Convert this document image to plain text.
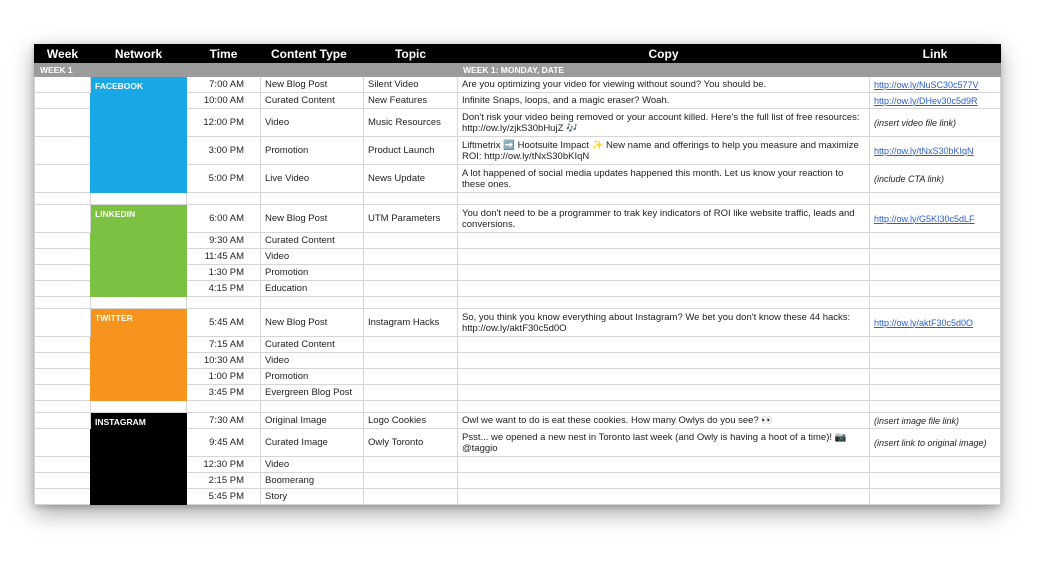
Week	Network	Time	Content Type	Topic	Copy	Link
WEEK 1					WEEK 1: MONDAY, DATE	
	FACEBOOK	7:00 AM	New Blog Post	Silent Video	Are you optimizing your video for viewing without sound? You should be.	http://ow.ly/NuSC30c577V
		10:00 AM	Curated Content	New Features	Infinite Snaps, loops, and a magic eraser? Woah.	http://ow.ly/DHev30c5d9R
		12:00 PM	Video	Music Resources	Don't risk your video being removed or your account killed. Here's the full list of free resources: http://ow.ly/zjkS30bHujZ 🎶	(insert video file link)
		3:00 PM	Promotion	Product Launch	Liftmetrix ➡️ Hootsuite Impact ✨ New name and offerings to help you measure and maximize ROI: http://ow.ly/tNxS30bKIqN	http://ow.ly/tNxS30bKIqN
		5:00 PM	Live Video	News Update	A lot happened of social media updates happened this month. Let us know your reaction to these ones.	(include CTA link)

	LINKEDIN	6:00 AM	New Blog Post	UTM Parameters	You don't need to be a programmer to trak key indicators of ROI like website traffic, leads and conversions.	http://ow.ly/G5KI30c5dLF
		9:30 AM	Curated Content			
		11:45 AM	Video			
		1:30 PM	Promotion			
		4:15 PM	Education			

	TWITTER	5:45 AM	New Blog Post	Instagram Hacks	So, you think you know everything about Instagram? We bet you don't know these 44 hacks: http://ow.ly/aktF30c5d0O	http://ow.ly/aktF30c5d0O
		7:15 AM	Curated Content			
		10:30 AM	Video			
		1:00 PM	Promotion			
		3:45 PM	Evergreen Blog Post			

	INSTAGRAM	7:30 AM	Original Image	Logo Cookies	Owl we want to do is eat these cookies. How many Owlys do you see? 👀	(insert image file link)
		9:45 AM	Curated Image	Owly Toronto	Psst... we opened a new nest in Toronto last week (and Owly is having a hoot of a time)! 📷 @taggio	(insert link to original image)
		12:30 PM	Video			
		2:15 PM	Boomerang			
		5:45 PM	Story			
